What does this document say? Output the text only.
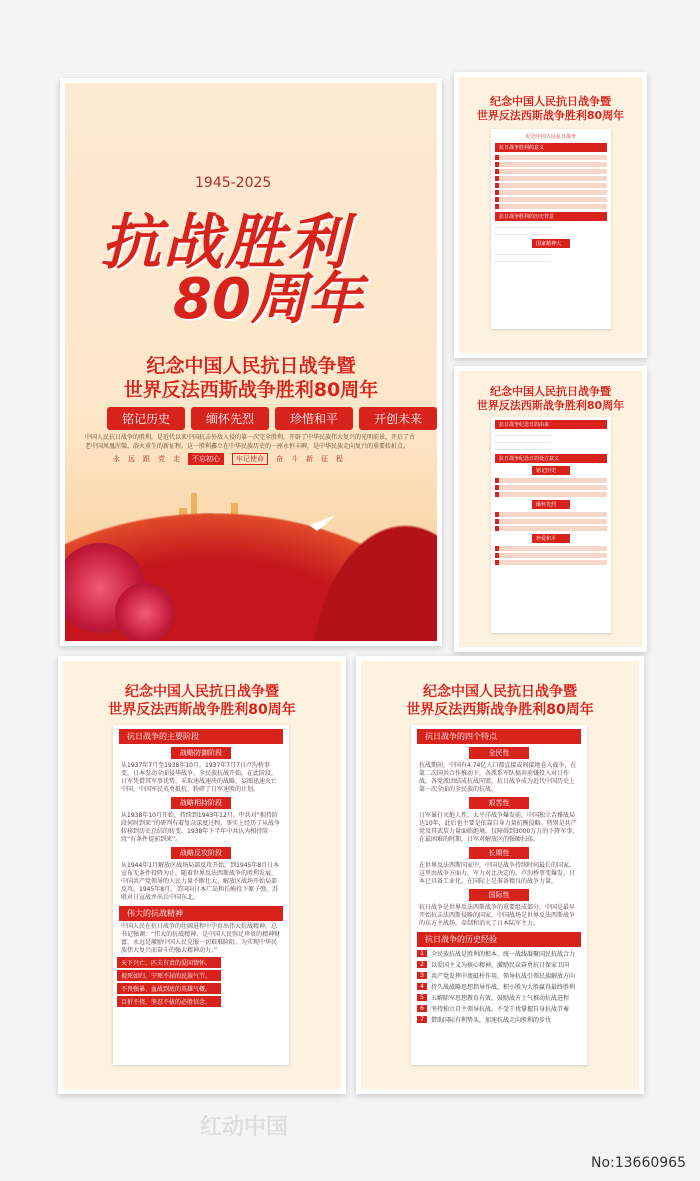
1945-2025
抗战胜利
80周年
纪念中国人民抗日战争暨
世界反法西斯战争胜利80周年
铭记历史	缅怀先烈	珍惜和平	开创未来
中国人民抗日战争的胜利，是近代以来中国抗击外敌入侵的第一次完全胜利，开辟了中华民族伟大复兴的光明前景，开启了古老中国凤凰涅槃、浴火重生的新征程。这一胜利鑫立在中华民族历史的一座永恒丰碑，是中华民族走向复兴的重要转折点。
永 远 跟 党 走	不忘初心	牢记使命	奋 斗 新 征 程
纪念中国人民抗日战争暨
世界反法西斯战争胜利80周年
纪念中国人民抗日战争
抗日战争胜利的意义
抗日战争胜利的历史背景
……………………………………
……………………………………
国家精神大
……………………………………
……………………………………
纪念中国人民抗日战争暨
世界反法西斯战争胜利80周年
抗日战争纪念日的由来
……………………………………
……………………………………
……………………………………
抗日战争纪念日的设立意义
铭记历史
缅怀先烈
珍爱和平
纪念中国人民抗日战争暨
世界反法西斯战争胜利80周年
抗日战争的主要阶段
战略防御阶段
从1937年7月至1938年10月。1937年7月7日卢沟桥事变，日本发动全面侵华战争，全民族抗战开始。在此阶段，日军凭借其军事优势，采取速战速决的战略，妄图迅速灭亡中国。中国军民英勇抵抗，粉碎了日军速胜的计划。
战略相持阶段
从1938年10月开始，持续到1943年12月。中共对“相持阶段何时到来”的研判有着复杂深度过程。事实上经历了从战争转移到历史总结的转变。1938年下半年中共认为相持阶段“有条件提前到来”。
战略反攻阶段
从1944年1月解放区战场局部反攻开始，到1945年8月日本宣布无条件投降为止。随着世界反法西斯战争的胜利发展，中国共产党领导的人民力量不断壮大，解放区战场开始局部反攻。1945年8月，美国向日本广岛和长崎投下原子弹，苏联对日宣战并出兵中国东北。
伟大的抗战精神
中国人民在抗日战争的壮阔进程中孕育出伟大抗战精神，总书记强调：“伟大的抗战精神，是中国人民弥足珍贵的精神财富，永远是激励中国人民克服一切艰难险阻、为实现中华民族伟大复兴而奋斗的强大精神动力。”
天下兴亡、匹夫有责的爱国情怀。
视死如归、宁死不屈的民族气节。
不畏强暴、血战到底的英雄气概。
百折不挠、坚忍不拔的必胜信念。
纪念中国人民抗日战争暨
世界反法西斯战争胜利80周年
抗日战争的四个特点
全民性
抗战期间，中国有4.74亿人口都直接或间接地卷入战争，在第二次国共合作推动下，各派系军队搞弃前嫌投入对日作战，各党派团结成抗战同盟，抗日战争成为近代中国历史上第一次全面的全民族的抗战。
艰苦性
日军暴行灭绝人性，太平洋战争爆发前，中国独立苦撑战局达10年，此后也主要是依靠自身力量抗衡侵略。特别是共产党及其武装力量面临绝境，仅障碍到3000万万的下降军事，在最困难的时期，日军对解放区的强硬扫荡。
长期性
在世界反法西斯国家中，中国是战争持续时间最长的国家，这里由战争方面力，军力对比决定的，卢沟桥事变爆发，日本已具备工业化，在国际上是准备精良的战争力量。
国际性
抗日战争是世界反法西斯战争的重要组成部分，中国是最早开始抗击法西斯侵略的国家，中国战场是世界反法西斯战争的东方主战场，牵制和消灭了日本陆军主力。
抗日战争的历史经验
1	全民族抗战是胜利的根本，统一战线凝聚国民抗战合力
2	以爱国主义为核心精神，激励民众奋勇抗日保家卫国
3	共产党发挥中流砥柱作用，领导抗战引领民族解放方向
4	持久战战略思想指导作战，积小胜为大胜赢得最终胜利
5	五解除军思想教育有效，鼓励战方士气推动抗战进程
6	坚持独立自主领导抗战，不受干扰掌握自身抗战节奏
7	借助国际有利势头，加速抗战走向胜利的步伐
红动中国
No:13660965
